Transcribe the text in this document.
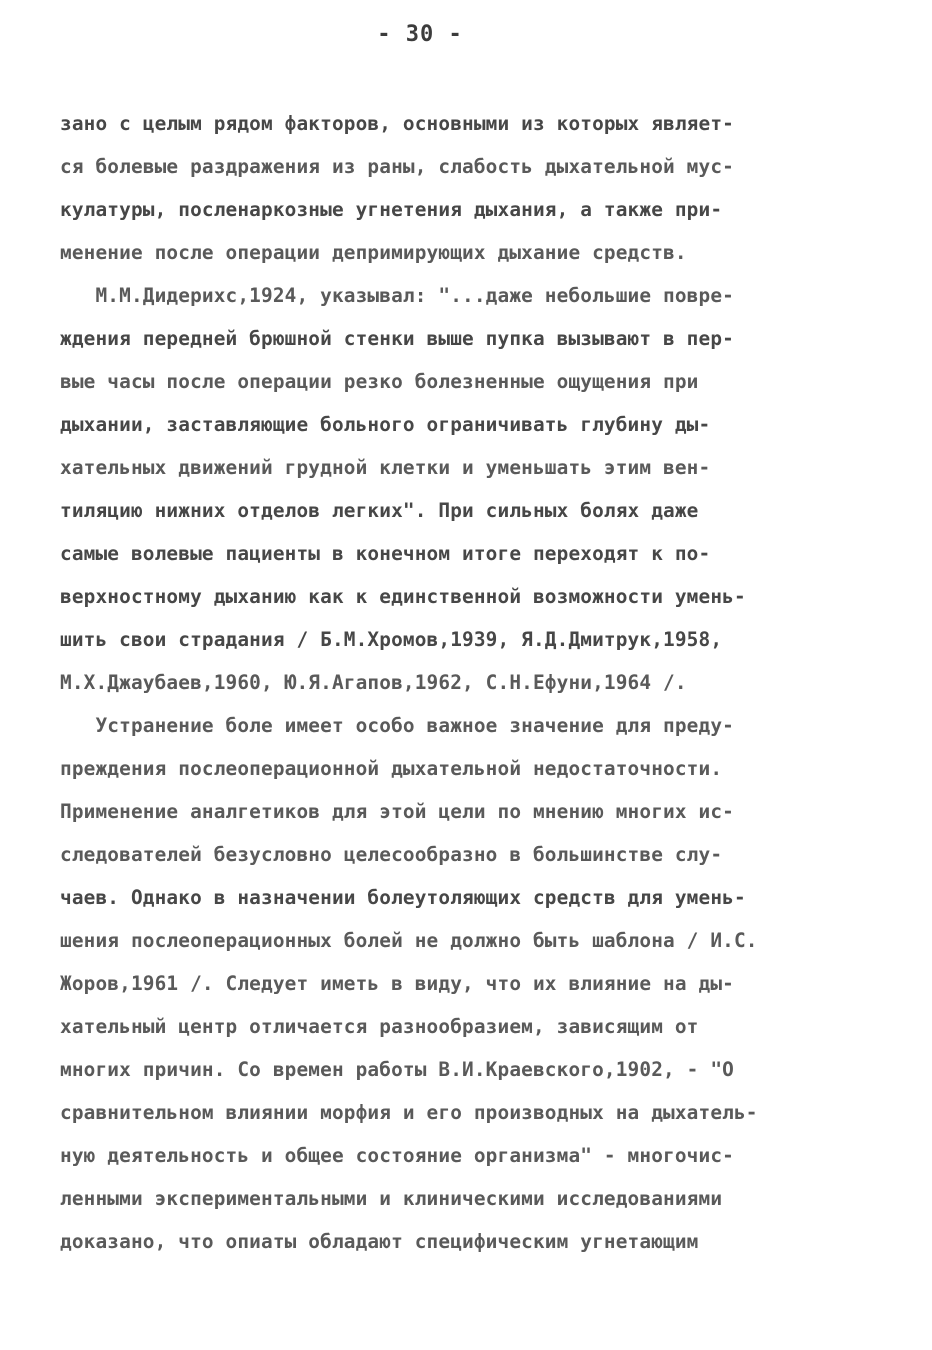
- 30 -
зано с целым рядом факторов, основными из которых являет-
ся болевые раздражения из раны, слабость дыхательной мус-
кулатуры, посленаркозные угнетения дыхания, а также при-
менение после операции депримирующих дыхание средств.
М.М.Дидерихс,1924, указывал: "...даже небольшие повре-
ждения передней брюшной стенки выше пупка вызывают в пер-
вые часы после операции резко болезненные ощущения при
дыхании, заставляющие больного ограничивать глубину ды-
хательных движений грудной клетки и уменьшать этим вен-
тиляцию нижних отделов легких". При сильных болях даже
самые волевые пациенты в конечном итоге переходят к по-
верхностному дыханию как к единственной возможности умень-
шить свои страдания / Б.М.Хромов,1939, Я.Д.Дмитрук,1958,
М.Х.Джаубаев,1960, Ю.Я.Агапов,1962, С.Н.Ефуни,1964 /.
Устранение боле имеет особо важное значение для преду-
преждения послеоперационной дыхательной недостаточности.
Применение аналгетиков для этой цели по мнению многих ис-
следователей безусловно целесообразно в большинстве слу-
чаев. Однако в назначении болеутоляющих средств для умень-
шения послеоперационных болей не должно быть шаблона / И.С.
Жоров,1961 /. Следует иметь в виду, что их влияние на ды-
хательный центр отличается разнообразием, зависящим от
многих причин. Со времен работы В.И.Краевского,1902, - "О
сравнительном влиянии морфия и его производных на дыхатель-
ную деятельность и общее состояние организма" - многочис-
ленными экспериментальными и клиническими исследованиями
доказано, что опиаты обладают специфическим угнетающим
